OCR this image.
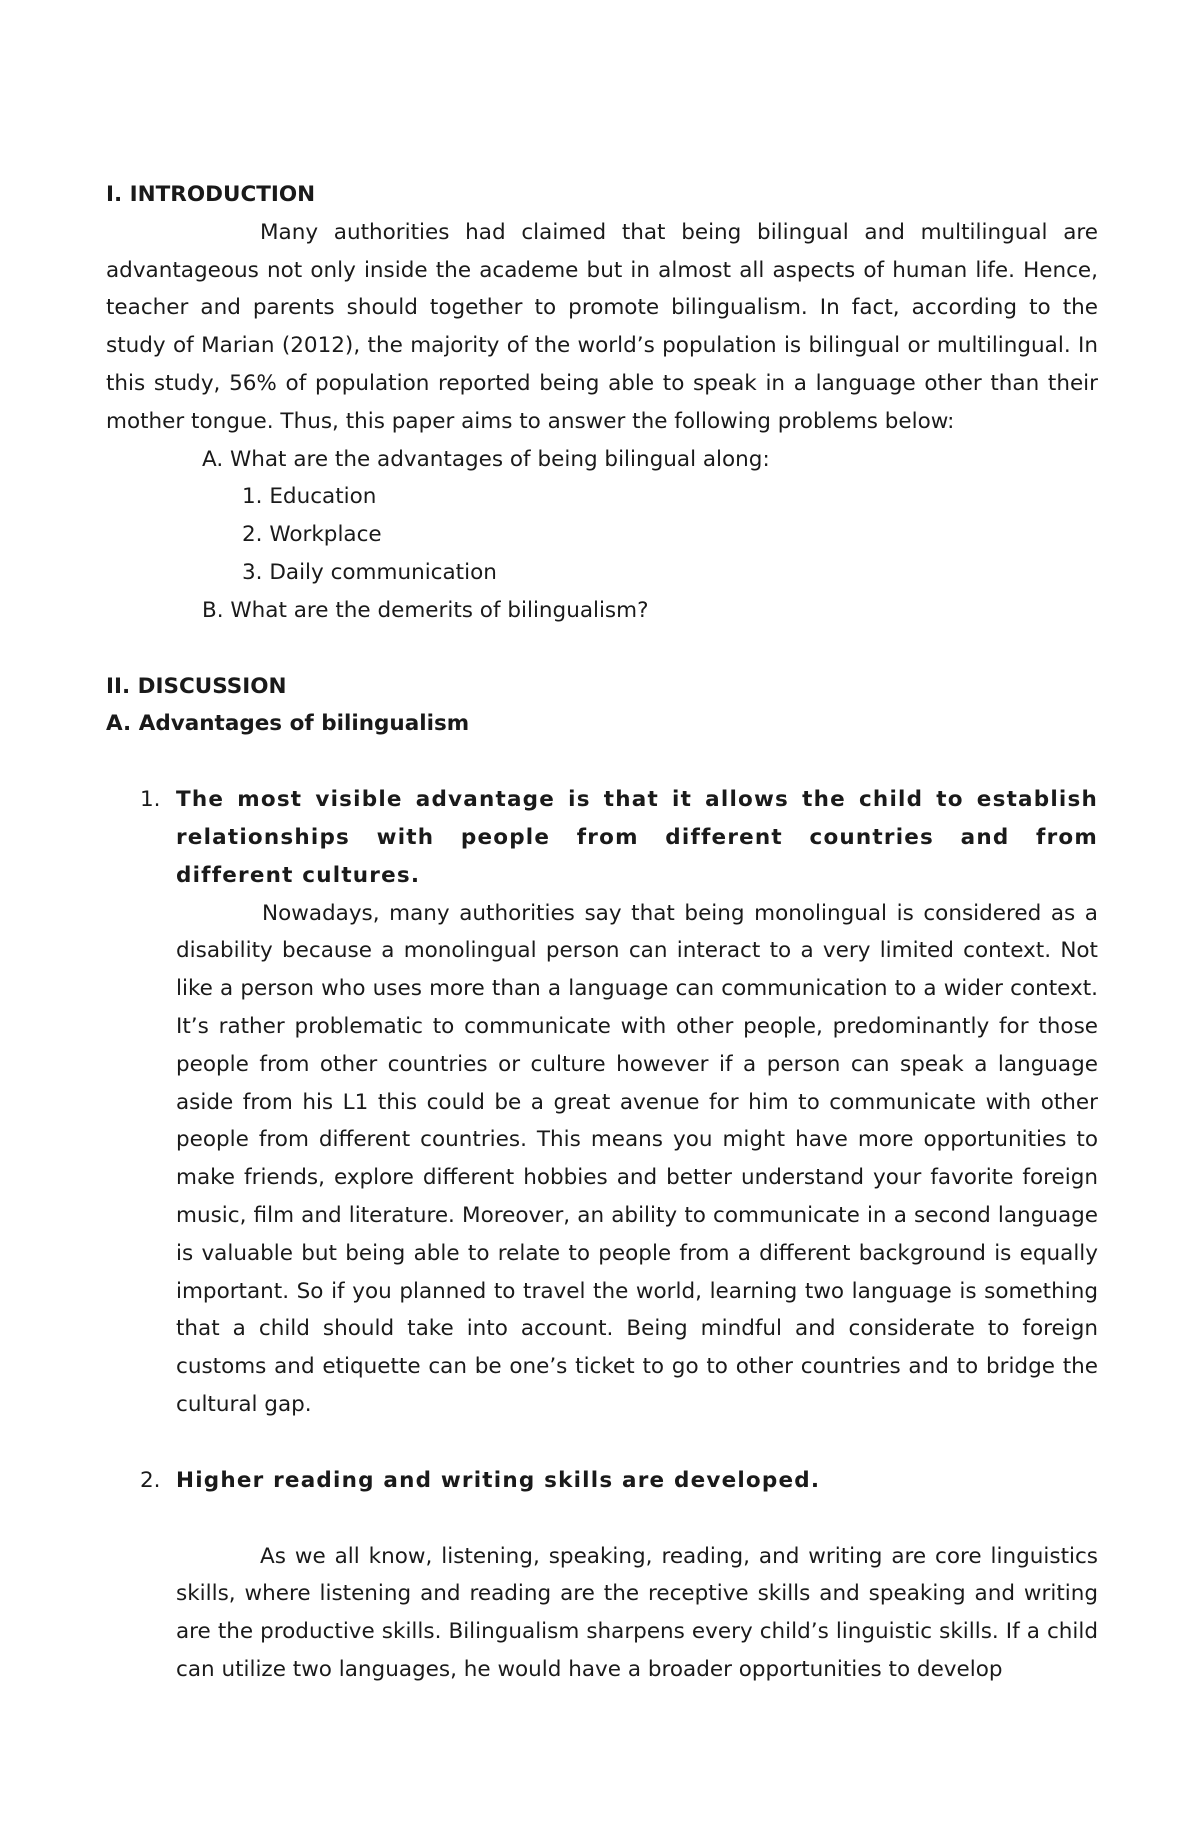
I. INTRODUCTION

Many authorities had claimed that being bilingual and multilingual are advantageous not only inside the academe but in almost all aspects of human life. Hence, teacher and parents should together to promote bilingualism. In fact, according to the study of Marian (2012), the majority of the world’s population is bilingual or multilingual. In this study, 56% of population reported being able to speak in a language other than their mother tongue. Thus, this paper aims to answer the following problems below:

A. What are the advantages of being bilingual along:

1. Education

2. Workplace

3. Daily communication

B. What are the demerits of bilingualism?

II. DISCUSSION

A. Advantages of bilingualism

1. The most visible advantage is that it allows the child to establish relationships with people from different countries and from different cultures.

Nowadays, many authorities say that being monolingual is considered as a disability because a monolingual person can interact to a very limited context. Not like a person who uses more than a language can communication to a wider context. It’s rather problematic to communicate with other people, predominantly for those people from other countries or culture however if a person can speak a language aside from his L1 this could be a great avenue for him to communicate with other people from different countries. This means you might have more opportunities to make friends, explore different hobbies and better understand your favorite foreign music, film and literature. Moreover, an ability to communicate in a second language is valuable but being able to relate to people from a different background is equally important. So if you planned to travel the world, learning two language is something that a child should take into account. Being mindful and considerate to foreign customs and etiquette can be one’s ticket to go to other countries and to bridge the cultural gap.

2. Higher reading and writing skills are developed.

As we all know, listening, speaking, reading, and writing are core linguistics skills, where listening and reading are the receptive skills and speaking and writing are the productive skills. Bilingualism sharpens every child’s linguistic skills. If a child can utilize two languages, he would have a broader opportunities to develop
